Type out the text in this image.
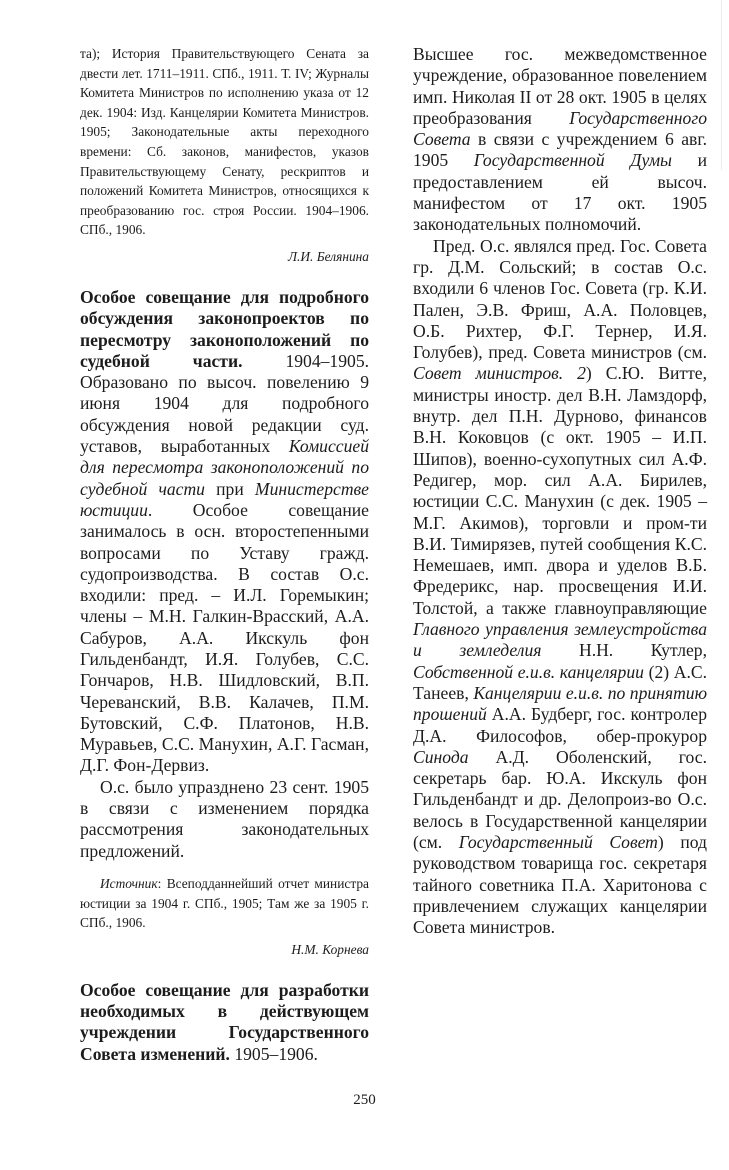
та); История Правительствующего Сената за двести лет. 1711–1911. СПб., 1911. Т. IV; Журналы Комитета Министров по исполнению указа от 12 дек. 1904: Изд. Канцелярии Комитета Министров. 1905; Законодательные акты переходного времени: Сб. законов, манифестов, указов Правительствующему Сенату, рескриптов и положений Комитета Министров, относящихся к преобразованию гос. строя России. 1904–1906. СПб., 1906.

Л.И. Белянина

Особое совещание для подробного обсуждения законопроектов по пересмотру законоположений по судебной части. 1904–1905. Образовано по высоч. повелению 9 июня 1904 для подробного обсуждения новой редакции суд. уставов, выработанных Комиссией для пересмотра законоположений по судебной части при Министерстве юстиции. Особое совещание занималось в осн. второстепенными вопросами по Уставу гражд. судопроизводства. В состав О.с. входили: пред. – И.Л. Горемыкин; члены – М.Н. Галкин-Врасский, А.А. Сабуров, А.А. Икскуль фон Гильденбандт, И.Я. Голубев, С.С. Гончаров, Н.В. Шидловский, В.П. Череванский, В.В. Калачев, П.М. Бутовский, С.Ф. Платонов, Н.В. Муравьев, С.С. Манухин, А.Г. Гасман, Д.Г. Фон-Дервиз.

О.с. было упразднено 23 сент. 1905 в связи с изменением порядка рассмотрения законодательных предложений.

Источник: Всеподданнейший отчет министра юстиции за 1904 г. СПб., 1905; Там же за 1905 г. СПб., 1906.

Н.М. Корнева

Особое совещание для разработки необходимых в действующем учреждении Государственного Совета изменений. 1905–1906.

Высшее гос. межведомственное учреждение, образованное повелением имп. Николая II от 28 окт. 1905 в целях преобразования Государственного Совета в связи с учреждением 6 авг. 1905 Государственной Думы и предоставлением ей высоч. манифестом от 17 окт. 1905 законодательных полномочий.

Пред. О.с. являлся пред. Гос. Совета гр. Д.М. Сольский; в состав О.с. входили 6 членов Гос. Совета (гр. К.И. Пален, Э.В. Фриш, А.А. Половцев, О.Б. Рихтер, Ф.Г. Тернер, И.Я. Голубев), пред. Совета министров (см. Совет министров. 2) С.Ю. Витте, министры иностр. дел В.Н. Ламздорф, внутр. дел П.Н. Дурново, финансов В.Н. Коковцов (с окт. 1905 – И.П. Шипов), военно-сухопутных сил А.Ф. Редигер, мор. сил А.А. Бирилев, юстиции С.С. Манухин (с дек. 1905 – М.Г. Акимов), торговли и пром-ти В.И. Тимирязев, путей сообщения К.С. Немешаев, имп. двора и уделов В.Б. Фредерикс, нар. просвещения И.И. Толстой, а также главноуправляющие Главного управления землеустройства и земледелия Н.Н. Кутлер, Собственной е.и.в. канцелярии (2) А.С. Танеев, Канцелярии е.и.в. по принятию прошений А.А. Будберг, гос. контролер Д.А. Философов, обер-прокурор Синода А.Д. Оболенский, гос. секретарь бар. Ю.А. Икскуль фон Гильденбандт и др. Делопроиз-во О.с. велось в Государственной канцелярии (см. Государственный Совет) под руководством товарища гос. секретаря тайного советника П.А. Харитонова с привлечением служащих канцелярии Совета министров.

250
